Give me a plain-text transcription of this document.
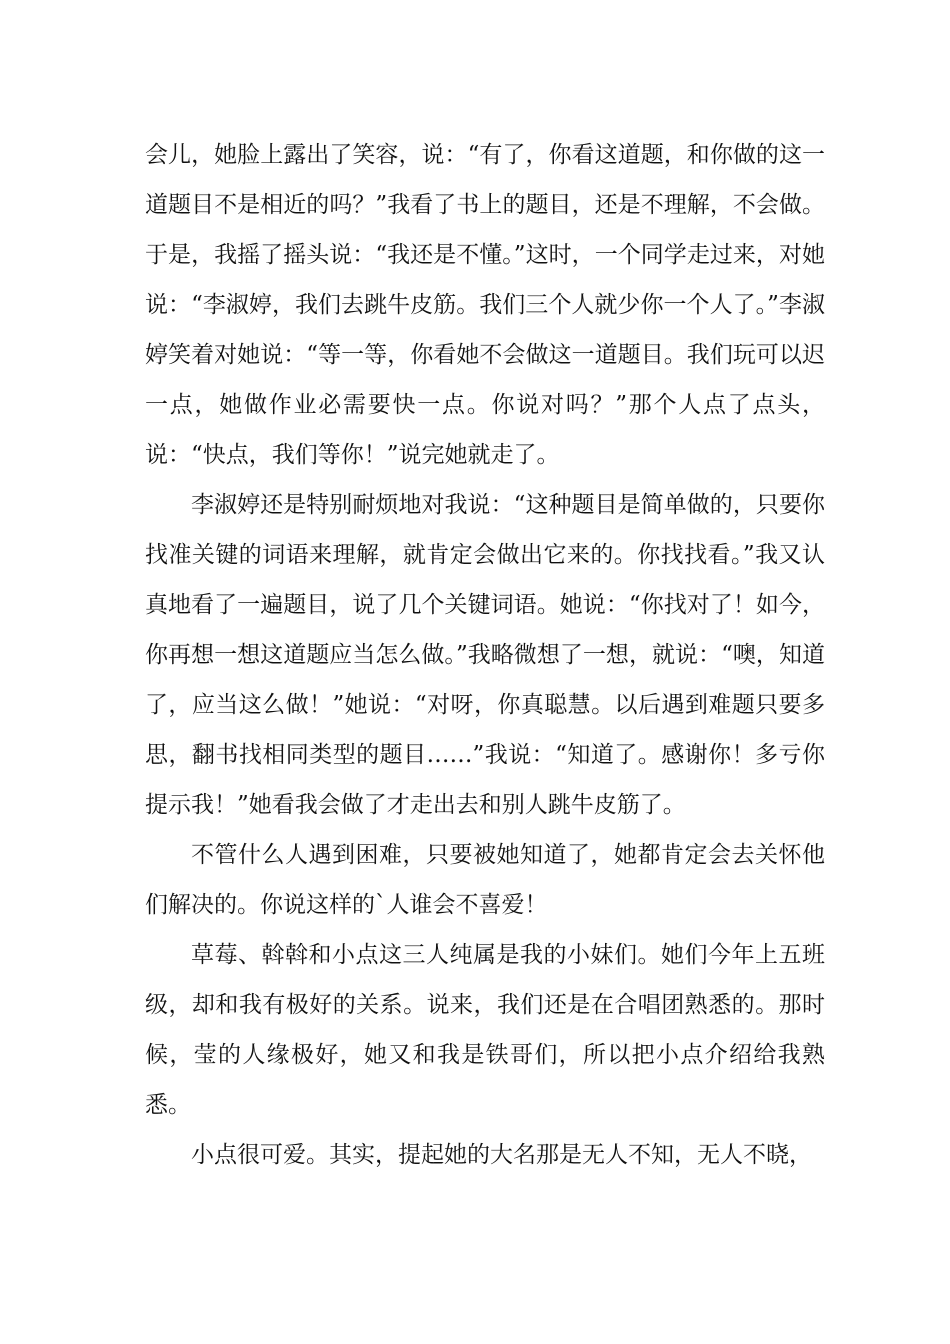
会儿，她脸上露出了笑容，说：“有了，你看这道题，和你做的这一道题目不是相近的吗？”我看了书上的题目，还是不理解，不会做。于是，我摇了摇头说：“我还是不懂。”这时，一个同学走过来，对她说：“李淑婷，我们去跳牛皮筋。我们三个人就少你一个人了。”李淑婷笑着对她说：“等一等，你看她不会做这一道题目。我们玩可以迟一点，她做作业必需要快一点。你说对吗？”那个人点了点头，说：“快点，我们等你！”说完她就走了。

李淑婷还是特别耐烦地对我说：“这种题目是简单做的，只要你找准关键的词语来理解，就肯定会做出它来的。你找找看。”我又认真地看了一遍题目，说了几个关键词语。她说：“你找对了！如今，你再想一想这道题应当怎么做。”我略微想了一想，就说：“噢，知道了，应当这么做！”她说：“对呀，你真聪慧。以后遇到难题只要多思，翻书找相同类型的题目……”我说：“知道了。感谢你！多亏你提示我！”她看我会做了才走出去和别人跳牛皮筋了。

不管什么人遇到困难，只要被她知道了，她都肯定会去关怀他们解决的。你说这样的`人谁会不喜爱！

草莓、斡斡和小点这三人纯属是我的小妹们。她们今年上五班级，却和我有极好的关系。说来，我们还是在合唱团熟悉的。那时候，莹的人缘极好，她又和我是铁哥们，所以把小点介绍给我熟悉。

小点很可爱。其实，提起她的大名那是无人不知，无人不晓，
